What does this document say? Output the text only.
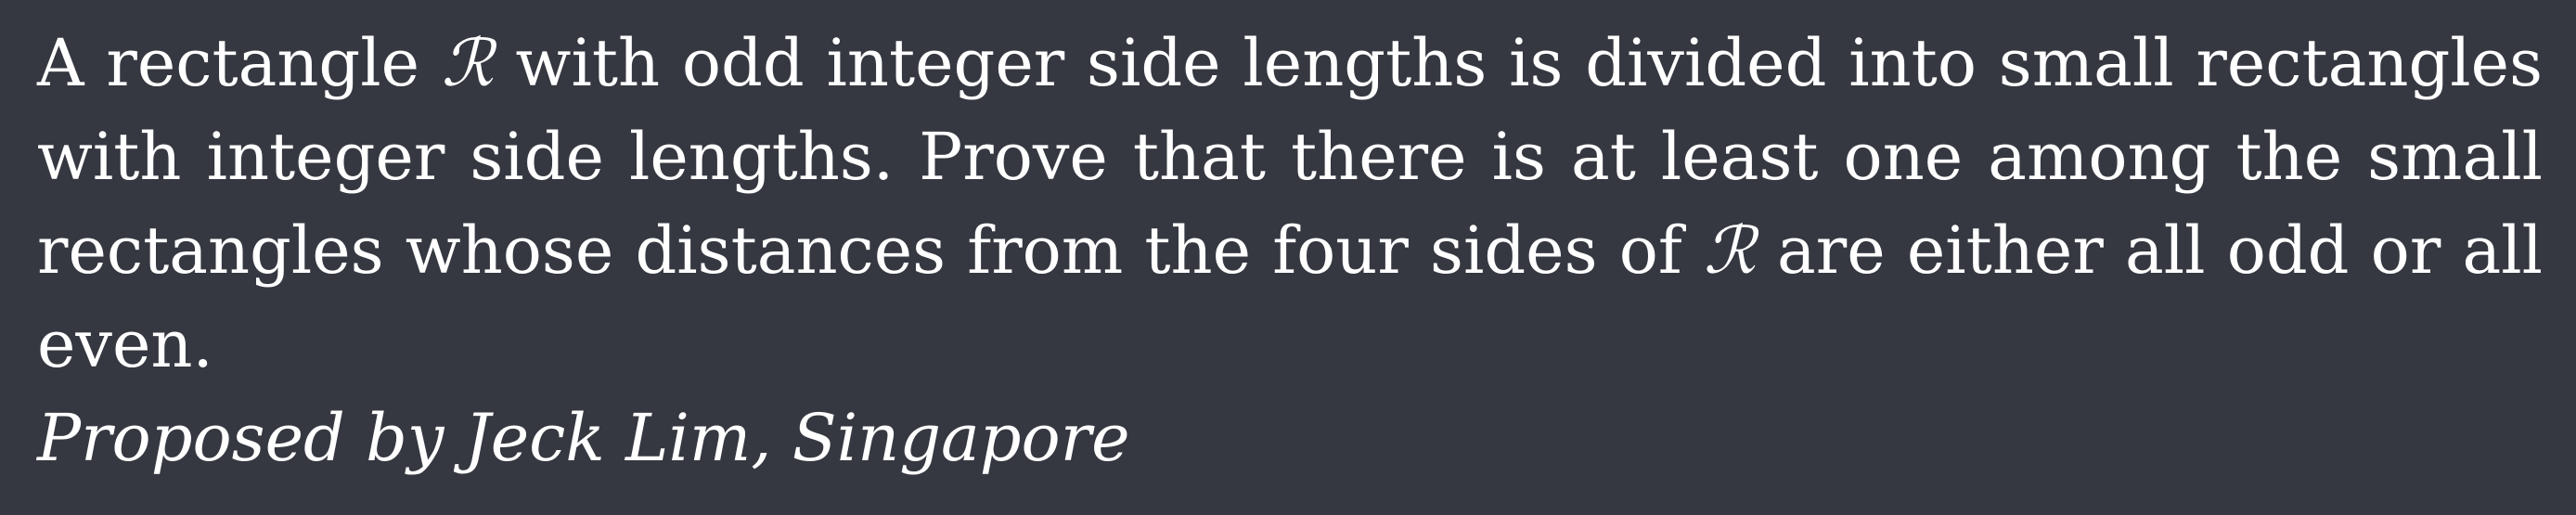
A rectangle ℛ with odd integer side lengths is divided into small rectangles with integer side lengths. Prove that there is at least one among the small rectangles whose distances from the four sides of ℛ are either all odd or all even.

Proposed by Jeck Lim, Singapore
